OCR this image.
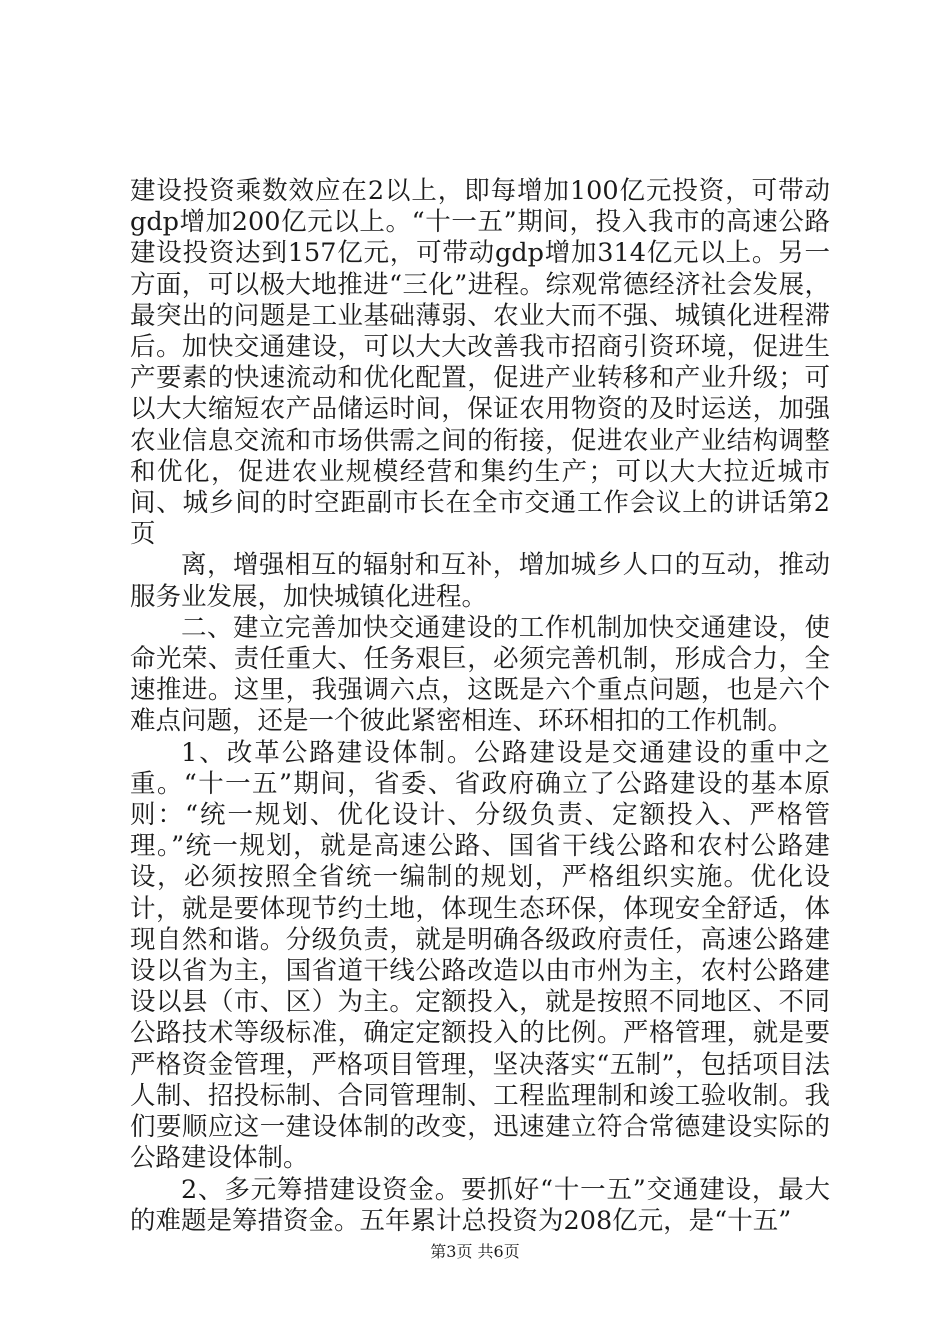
建设投资乘数效应在2以上，即每增加100亿元投资，可带动gdp增加200亿元以上。“十一五”期间，投入我市的高速公路建设投资达到157亿元，可带动gdp增加314亿元以上。另一方面，可以极大地推进“三化”进程。综观常德经济社会发展，最突出的问题是工业基础薄弱、农业大而不强、城镇化进程滞后。加快交通建设，可以大大改善我市招商引资环境，促进生产要素的快速流动和优化配置，促进产业转移和产业升级；可以大大缩短农产品储运时间，保证农用物资的及时运送，加强农业信息交流和市场供需之间的衔接，促进农业产业结构调整和优化，促进农业规模经营和集约生产；可以大大拉近城市间、城乡间的时空距副市长在全市交通工作会议上的讲话第2页

离，增强相互的辐射和互补，增加城乡人口的互动，推动服务业发展，加快城镇化进程。

二、建立完善加快交通建设的工作机制加快交通建设，使命光荣、责任重大、任务艰巨，必须完善机制，形成合力，全速推进。这里，我强调六点，这既是六个重点问题，也是六个难点问题，还是一个彼此紧密相连、环环相扣的工作机制。

1、改革公路建设体制。公路建设是交通建设的重中之重。“十一五”期间，省委、省政府确立了公路建设的基本原则：“统一规划、优化设计、分级负责、定额投入、严格管理。”统一规划，就是高速公路、国省干线公路和农村公路建设，必须按照全省统一编制的规划，严格组织实施。优化设计，就是要体现节约土地，体现生态环保，体现安全舒适，体现自然和谐。分级负责，就是明确各级政府责任，高速公路建设以省为主，国省道干线公路改造以由市州为主，农村公路建设以县（市、区）为主。定额投入，就是按照不同地区、不同公路技术等级标准，确定定额投入的比例。严格管理，就是要严格资金管理，严格项目管理，坚决落实“五制”，包括项目法人制、招投标制、合同管理制、工程监理制和竣工验收制。我们要顺应这一建设体制的改变，迅速建立符合常德建设实际的公路建设体制。

2、多元筹措建设资金。要抓好“十一五”交通建设，最大的难题是筹措资金。五年累计总投资为208亿元，是“十五”

第3页 共6页
